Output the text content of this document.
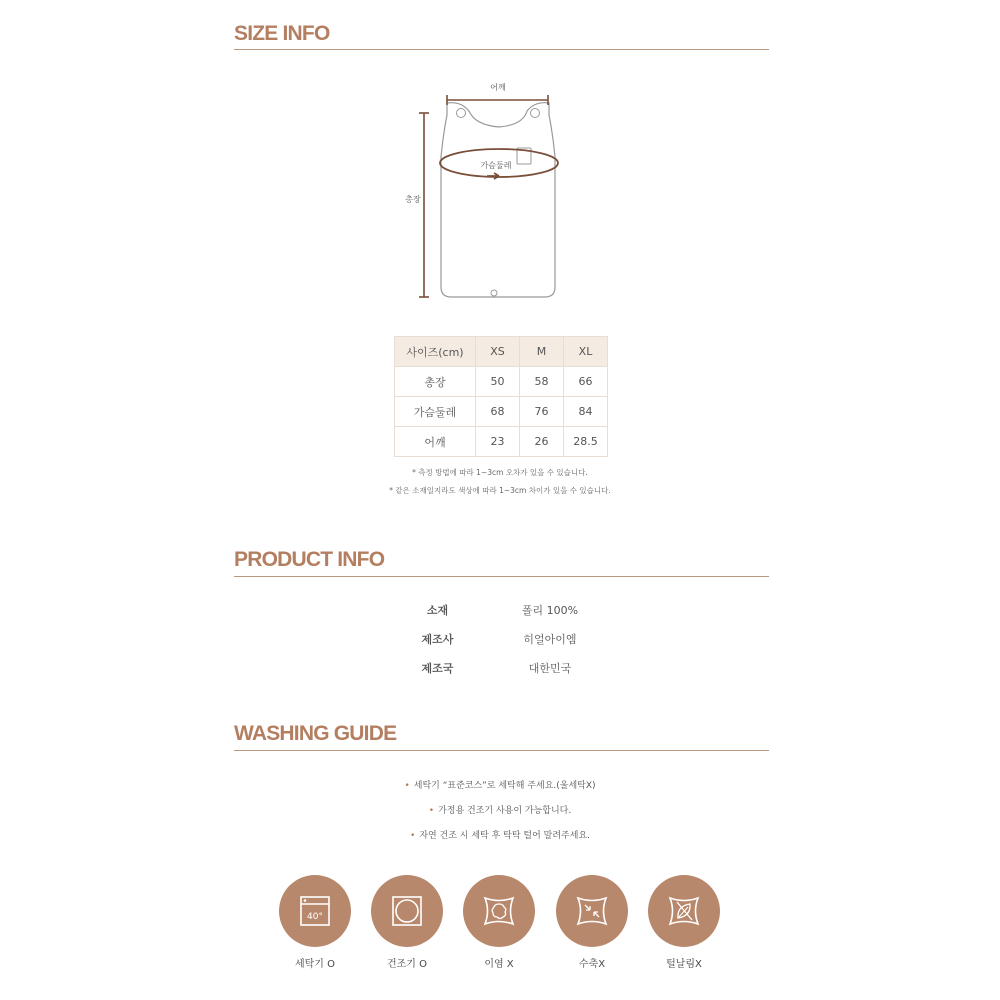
SIZE INFO
어깨
가슴둘레
총장
사이즈(cm)	XS	M	XL
총장	50	58	66
가슴둘레	68	76	84
어깨	23	26	28.5

* 측정 방법에 따라 1~3cm 오차가 있을 수 있습니다.

* 같은 소재일지라도 색상에 따라 1~3cm 차이가 있을 수 있습니다.

PRODUCT INFO
소재	폴리 100%
제조사	히얼아이엠
제조국	대한민국
WASHING GUIDE

• 세탁기 “표준코스”로 세탁해 주세요.(울세탁X)

• 가정용 건조기 사용이 가능합니다.

• 자연 건조 시 세탁 후 탁탁 털어 말려주세요.

40°
세탁기 O	건조기 O	이염 X	수축X	털날림X
